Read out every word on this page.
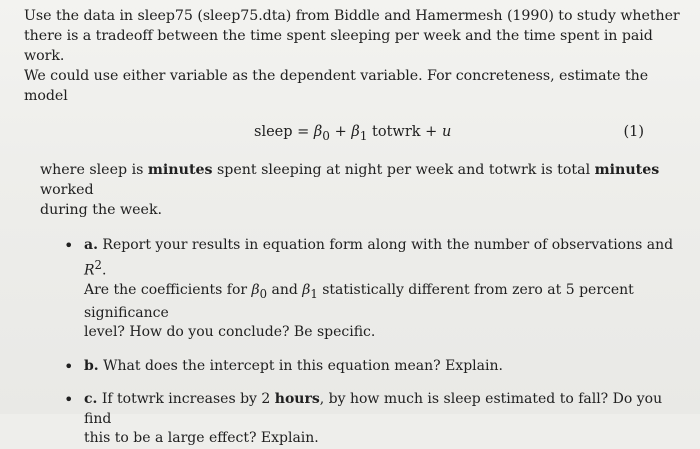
Use the data in sleep75 (sleep75.dta) from Biddle and Hamermesh (1990) to study whether
there is a tradeoff between the time spent sleeping per week and the time spent in paid work.
We could use either variable as the dependent variable. For concreteness, estimate the model

sleep = $\beta_0 + \beta_1$ totwrk + u	(1)

where sleep is minutes spent sleeping at night per week and totwrk is total minutes worked
during the week.

• a. Report your results in equation form along with the number of observations and $R^2$.
Are the coefficients for $\beta_0$ and $\beta_1$ statistically different from zero at 5 percent significance
level? How do you conclude? Be specific.
• b. What does the intercept in this equation mean? Explain.
• c. If totwrk increases by 2 hours, by how much is sleep estimated to fall? Do you find
this to be a large effect? Explain.
